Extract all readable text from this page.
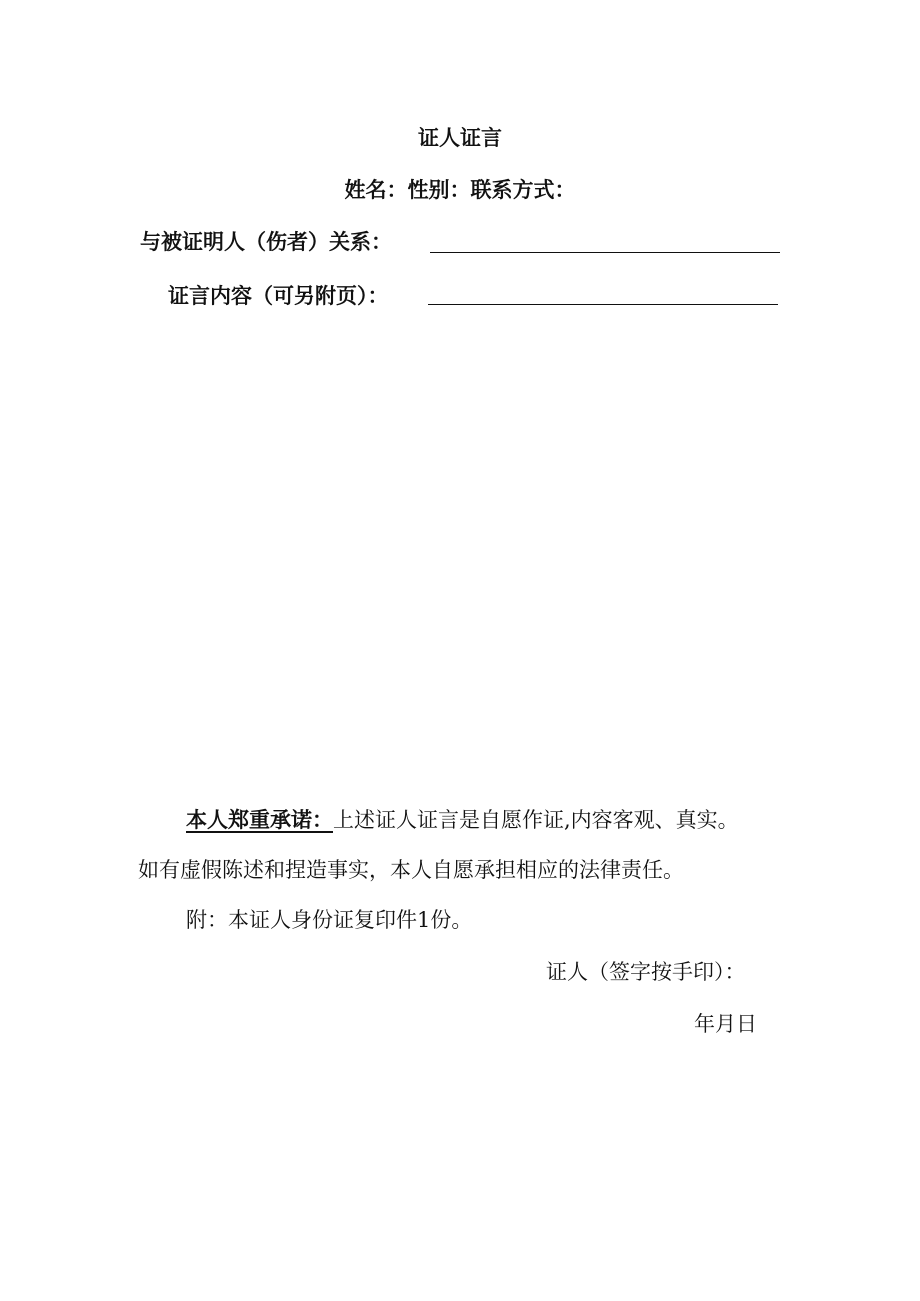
证人证言
姓名：性别：联系方式：
与被证明人（伤者）关系：
证言内容（可另附页）：
本人郑重承诺：上述证人证言是自愿作证,内容客观、真实。
如有虚假陈述和捏造事实，本人自愿承担相应的法律责任。
附：本证人身份证复印件1份。
证人（签字按手印）：
年月日
